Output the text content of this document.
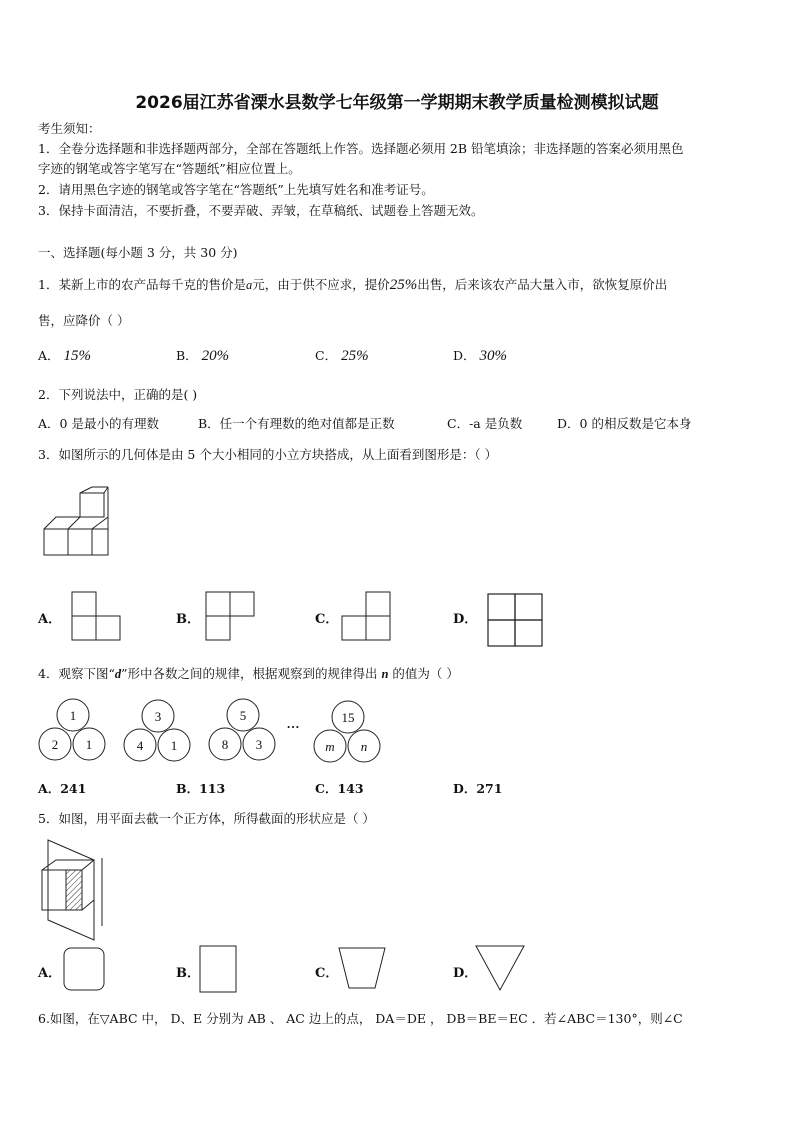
2026届江苏省溧水县数学七年级第一学期期末教学质量检测模拟试题
考生须知：
1．全卷分选择题和非选择题两部分，全部在答题纸上作答。选择题必须用 2B 铅笔填涂；非选择题的答案必须用黑色
字迹的钢笔或答字笔写在“答题纸”相应位置上。
2．请用黑色字迹的钢笔或答字笔在“答题纸”上先填写姓名和准考证号。
3．保持卡面清洁，不要折叠，不要弄破、弄皱，在草稿纸、试题卷上答题无效。
一、选择题(每小题 3 分，共 30 分)
1．某新上市的农产品每千克的售价是a元，由于供不应求，提价25%出售，后来该农产品大量入市，欲恢复原价出
售，应降价（ ）
A． 15%	B． 20%	C． 25%	D． 30%
2．下列说法中，正确的是( )
A．0 是最小的有理数	B．任一个有理数的绝对值都是正数	C．-a 是负数	D．0 的相反数是它本身
3．如图所示的几何体是由 5 个大小相同的小立方块搭成，从上面看到图形是：（ ）
A．	B．	C．	D．
4．观察下图“d”形中各数之间的规律，根据观察到的规律得出 n 的值为（ ）
1
2 1
3
4 1
5
8 3
15
m n
…
A．241	B．113	C．143	D．271
5．如图，用平面去截一个正方体，所得截面的形状应是（ ）
A．	B．	C．	D．
6.如图，在▽ABC 中， D、E 分别为 AB 、 AC 边上的点， DA＝DE ， DB＝BE＝EC ．若∠ABC＝130°，则∠C
